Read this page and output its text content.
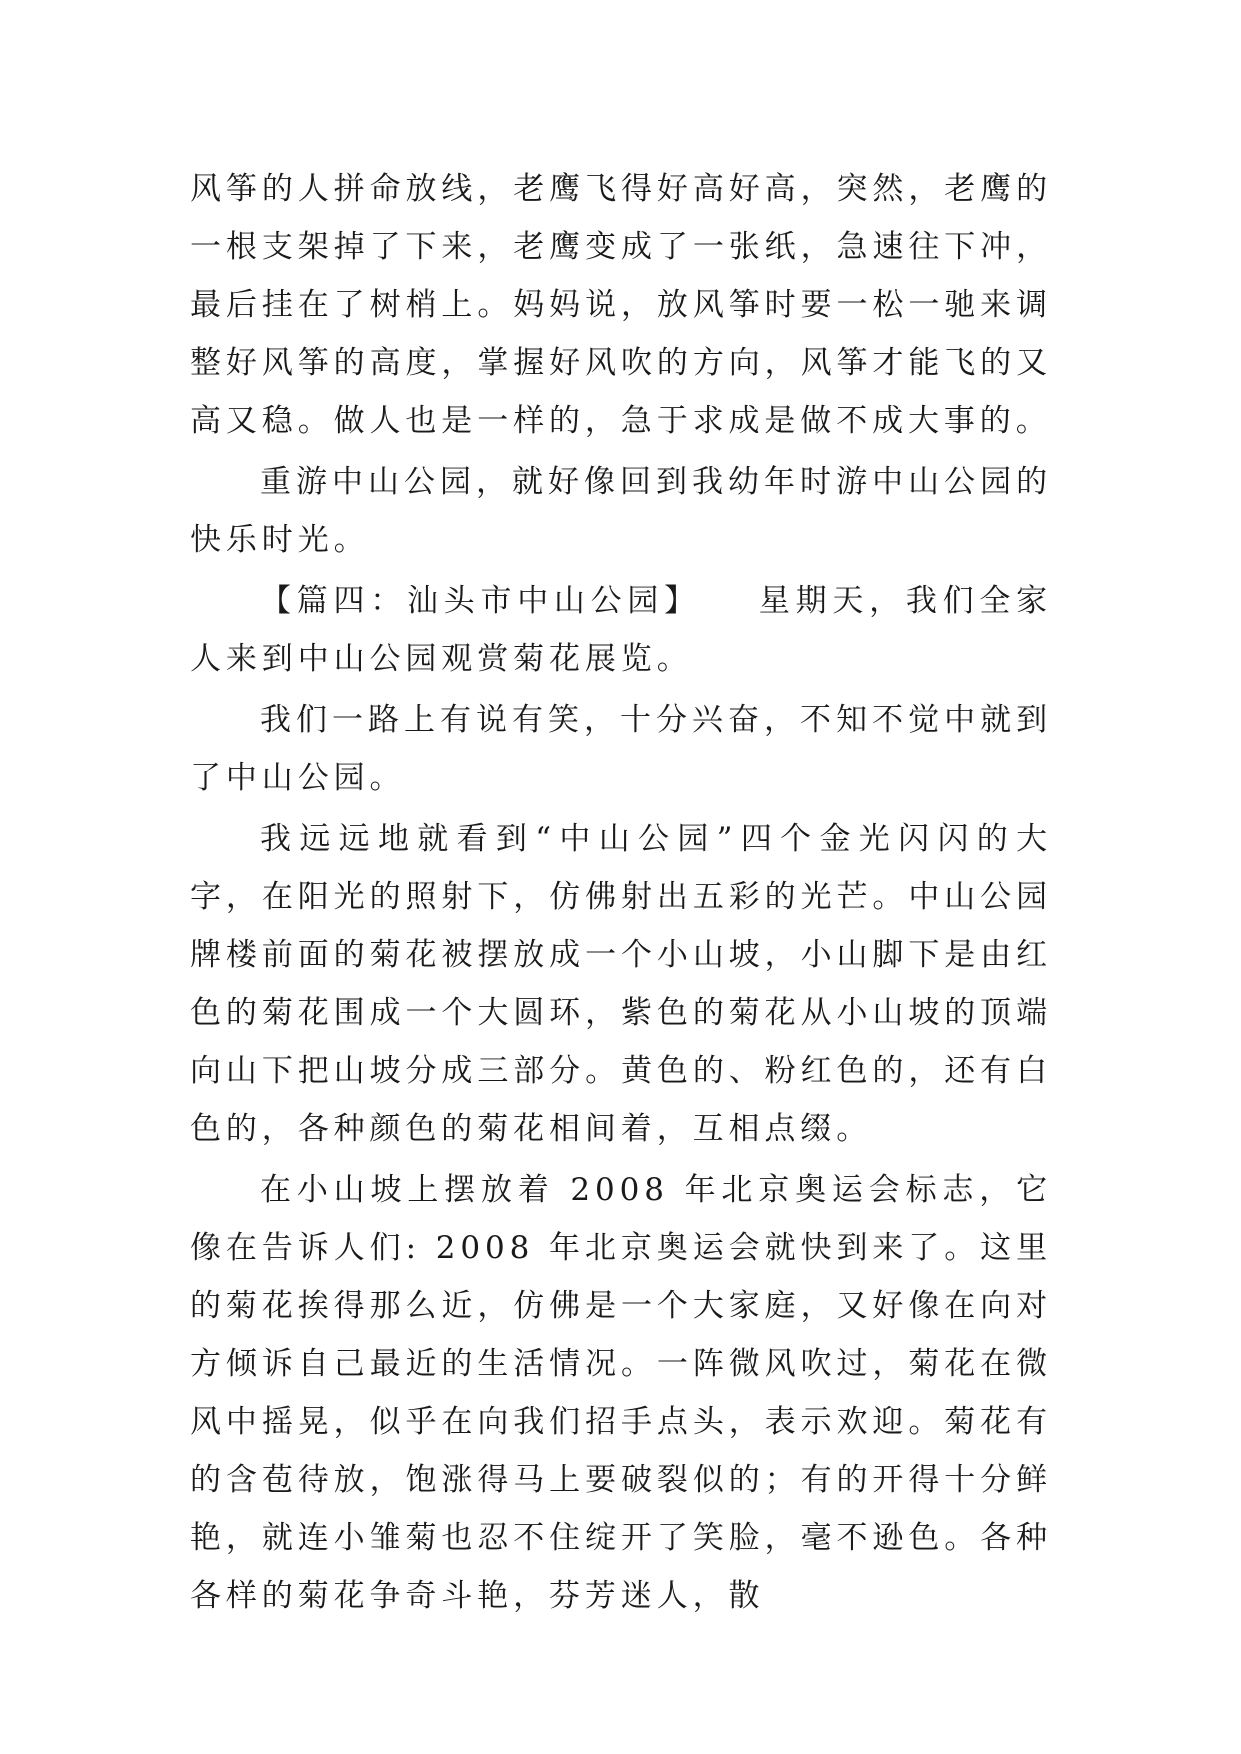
风筝的人拼命放线，老鹰飞得好高好高，突然，老鹰的一根支架掉了下来，老鹰变成了一张纸，急速往下冲，最后挂在了树梢上。妈妈说，放风筝时要一松一驰来调整好风筝的高度，掌握好风吹的方向，风筝才能飞的又高又稳。做人也是一样的，急于求成是做不成大事的。

重游中山公园，就好像回到我幼年时游中山公园的快乐时光。

【篇四：汕头市中山公园】　　星期天，我们全家人来到中山公园观赏菊花展览。

我们一路上有说有笑，十分兴奋，不知不觉中就到了中山公园。

我远远地就看到“中山公园”四个金光闪闪的大字，在阳光的照射下，仿佛射出五彩的光芒。中山公园牌楼前面的菊花被摆放成一个小山坡，小山脚下是由红色的菊花围成一个大圆环，紫色的菊花从小山坡的顶端向山下把山坡分成三部分。黄色的、粉红色的，还有白色的，各种颜色的菊花相间着，互相点缀。

在小山坡上摆放着 2008 年北京奥运会标志，它像在告诉人们: 2008 年北京奥运会就快到来了。这里的菊花挨得那么近，仿佛是一个大家庭，又好像在向对方倾诉自己最近的生活情况。一阵微风吹过，菊花在微风中摇晃，似乎在向我们招手点头，表示欢迎。菊花有的含苞待放，饱涨得马上要破裂似的；有的开得十分鲜艳，就连小雏菊也忍不住绽开了笑脸，毫不逊色。各种各样的菊花争奇斗艳，芬芳迷人，散
